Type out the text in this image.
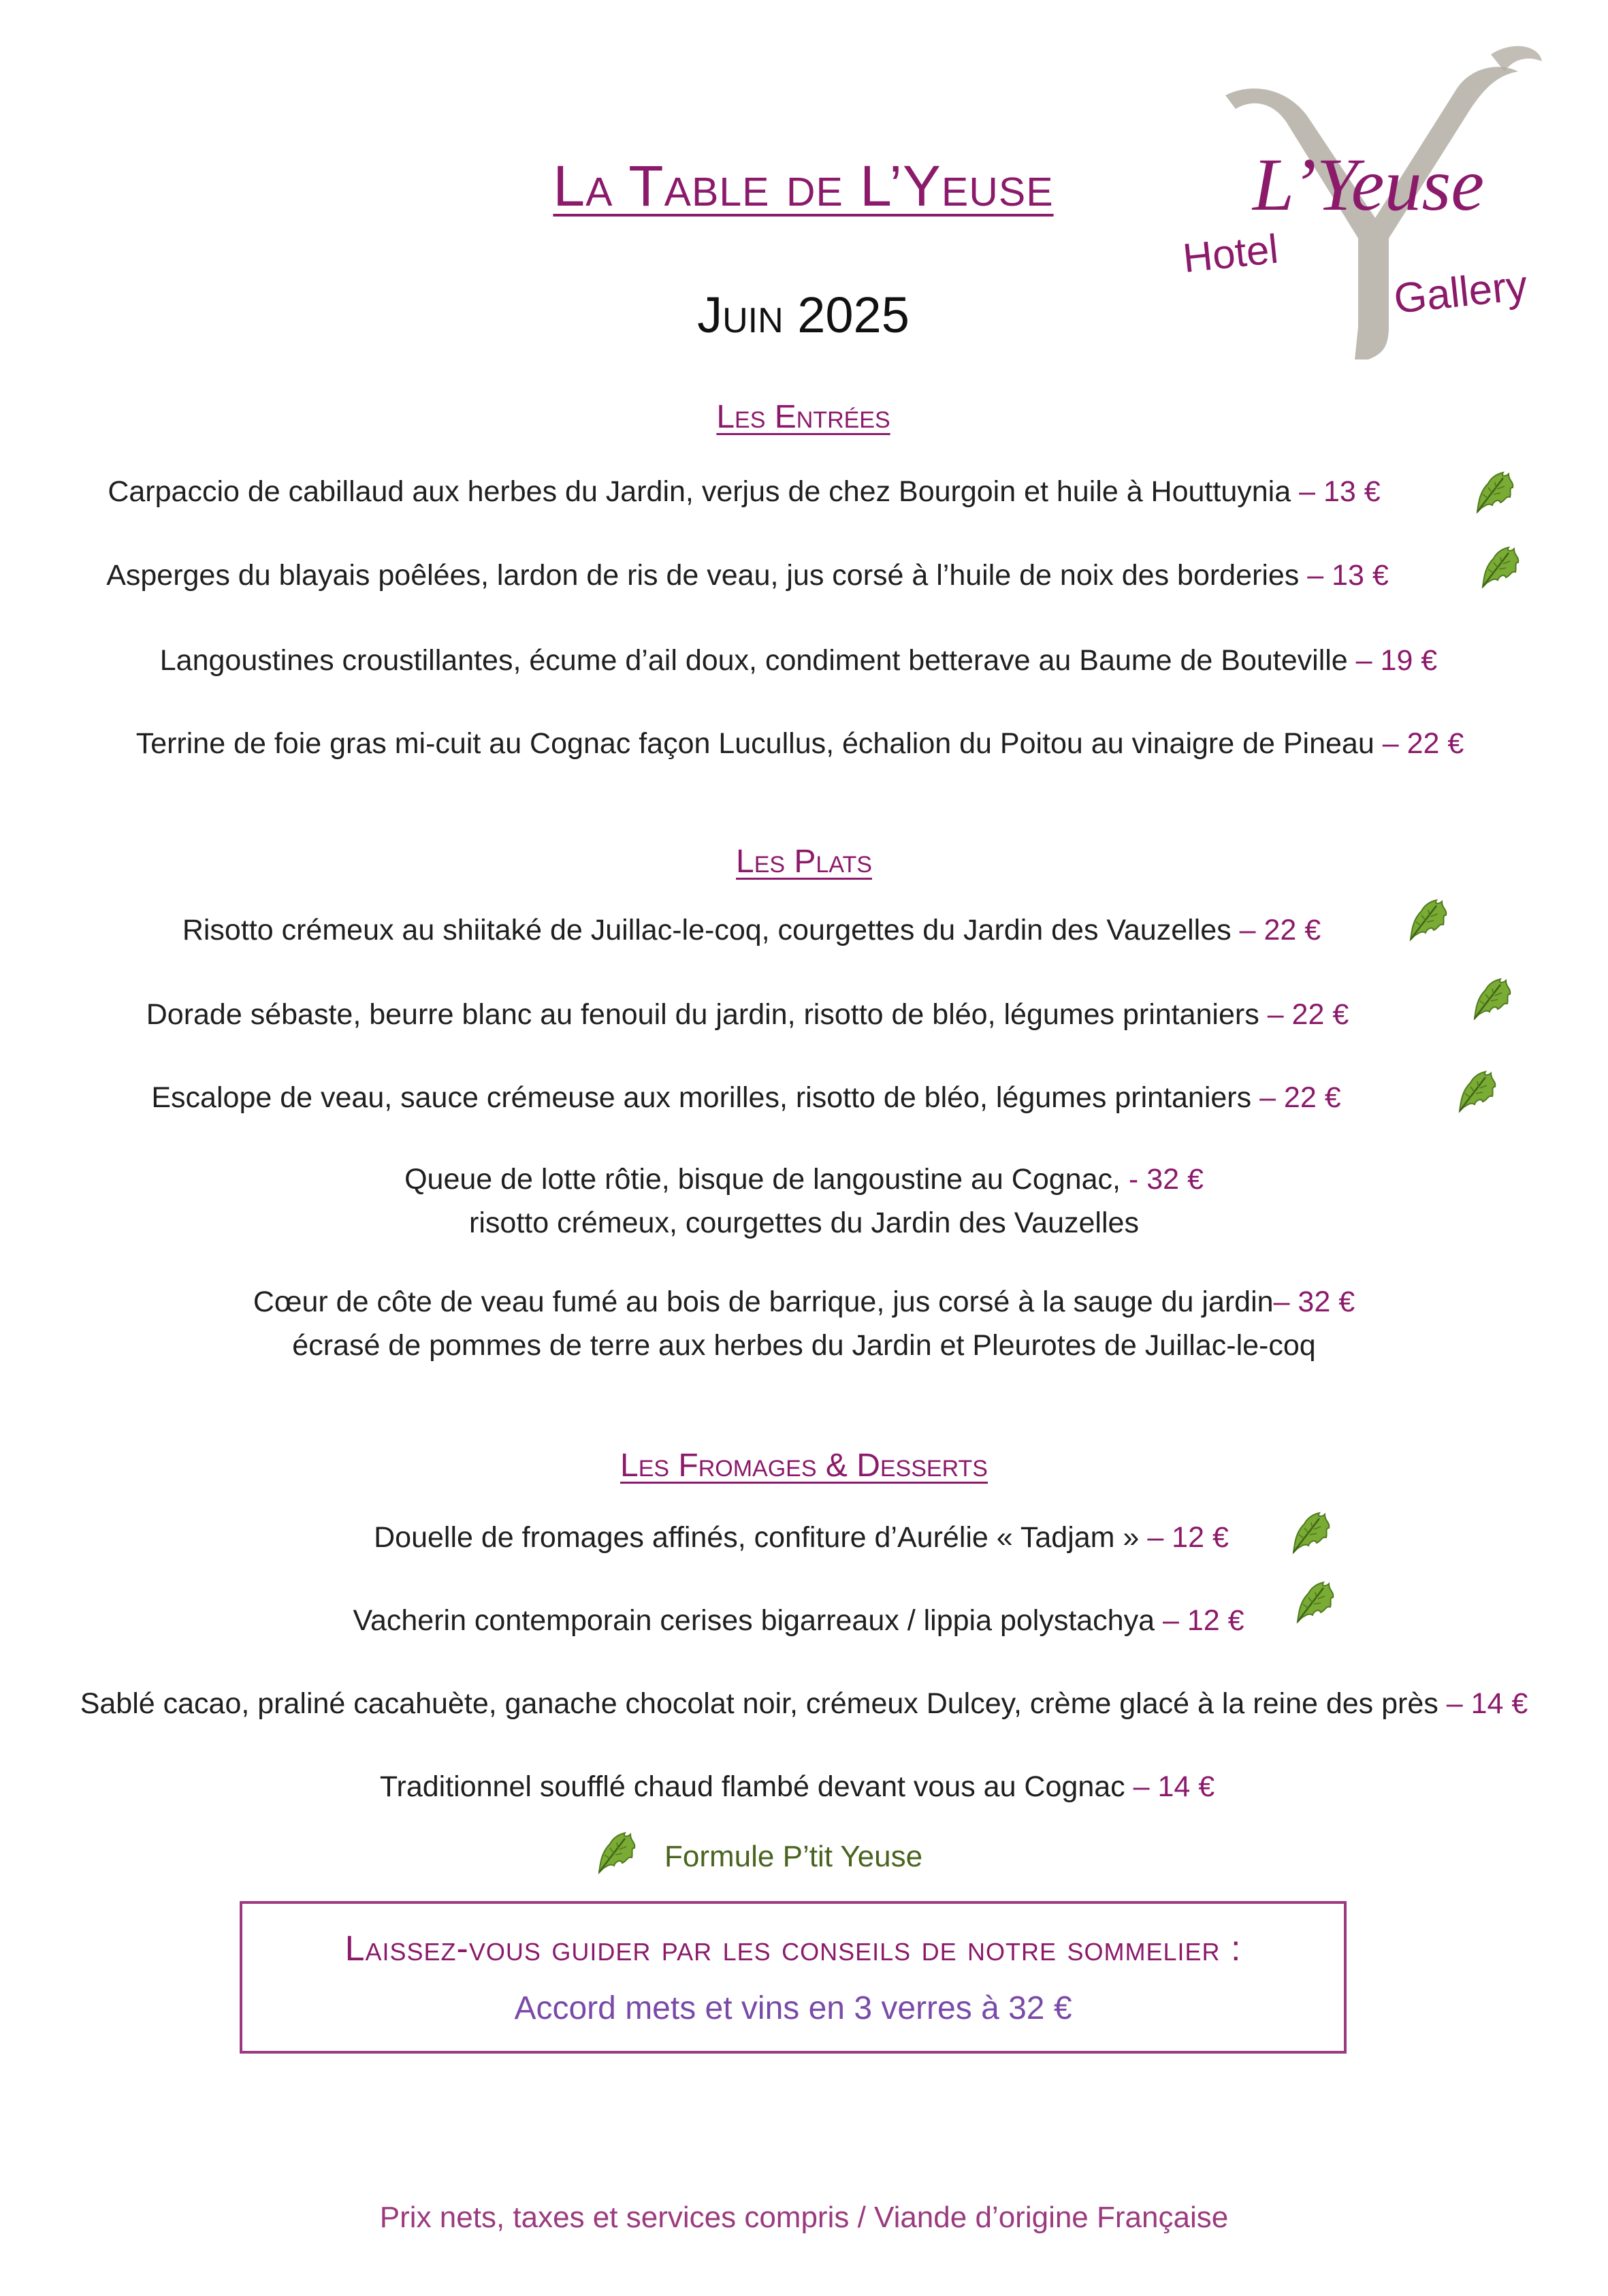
L’Yeuse
Hotel
Gallery
La Table de L’Yeuse
Juin 2025
Les Entrées
Carpaccio de cabillaud aux herbes du Jardin, verjus de chez Bourgoin et huile à Houttuynia – 13 €
Asperges du blayais poêlées, lardon de ris de veau, jus corsé à l’huile de noix des borderies – 13 €
Langoustines croustillantes, écume d’ail doux, condiment betterave au Baume de Bouteville – 19 €
Terrine de foie gras mi-cuit au Cognac façon Lucullus, échalion du Poitou au vinaigre de Pineau – 22 €
Les Plats
Risotto crémeux au shiitaké de Juillac-le-coq, courgettes du Jardin des Vauzelles – 22 €
Dorade sébaste, beurre blanc au fenouil du jardin, risotto de bléo, légumes printaniers – 22 €
Escalope de veau, sauce crémeuse aux morilles, risotto de bléo, légumes printaniers – 22 €
Queue de lotte rôtie, bisque de langoustine au Cognac, - 32 €
risotto crémeux, courgettes du Jardin des Vauzelles
Cœur de côte de veau fumé au bois de barrique, jus corsé à la sauge du jardin– 32 €
écrasé de pommes de terre aux herbes du Jardin et Pleurotes de Juillac-le-coq
Les Fromages & Desserts
Douelle de fromages affinés, confiture d’Aurélie « Tadjam » – 12 €
Vacherin contemporain cerises bigarreaux / lippia polystachya – 12 €
Sablé cacao, praliné cacahuète, ganache chocolat noir, crémeux Dulcey, crème glacé à la reine des près – 14 €
Traditionnel soufflé chaud flambé devant vous au Cognac – 14 €
Formule P’tit Yeuse
Laissez-vous guider par les conseils de notre sommelier :
Accord mets et vins en 3 verres à 32 €
Prix nets, taxes et services compris / Viande d’origine Française
